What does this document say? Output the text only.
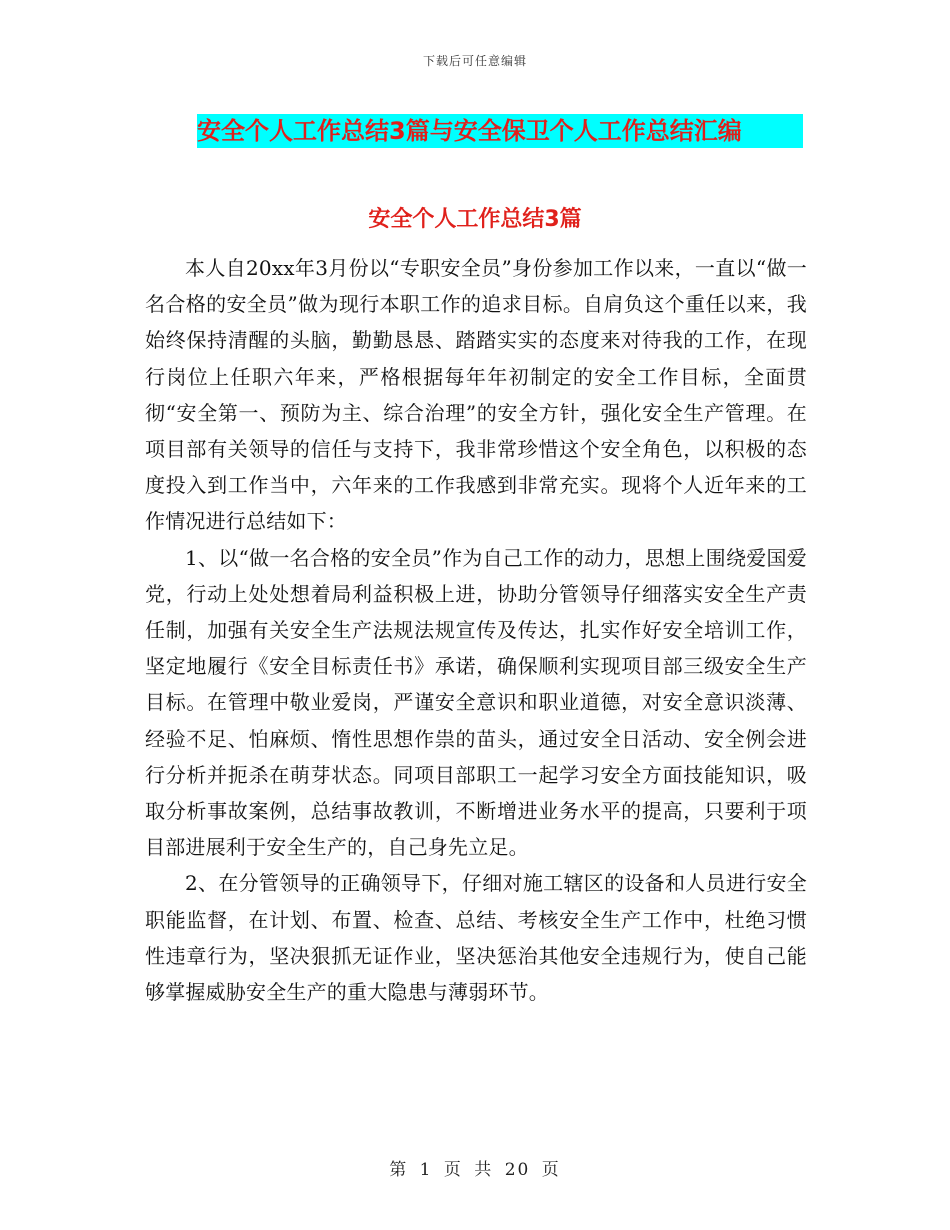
下载后可任意编辑
安全个人工作总结3篇与安全保卫个人工作总结汇编
安全个人工作总结3篇

本人自20xx年3月份以“专职安全员”身份参加工作以来，一直以“做一名合格的安全员”做为现行本职工作的追求目标。自肩负这个重任以来，我始终保持清醒的头脑，勤勤恳恳、踏踏实实的态度来对待我的工作，在现行岗位上任职六年来，严格根据每年年初制定的安全工作目标，全面贯彻“安全第一、预防为主、综合治理”的安全方针，强化安全生产管理。在项目部有关领导的信任与支持下，我非常珍惜这个安全角色，以积极的态度投入到工作当中，六年来的工作我感到非常充实。现将个人近年来的工作情况进行总结如下：

1、以“做一名合格的安全员”作为自己工作的动力，思想上围绕爱国爱党，行动上处处想着局利益积极上进，协助分管领导仔细落实安全生产责任制，加强有关安全生产法规法规宣传及传达，扎实作好安全培训工作，坚定地履行《安全目标责任书》承诺，确保顺利实现项目部三级安全生产目标。在管理中敬业爱岗，严谨安全意识和职业道德，对安全意识淡薄、经验不足、怕麻烦、惰性思想作祟的苗头，通过安全日活动、安全例会进行分析并扼杀在萌芽状态。同项目部职工一起学习安全方面技能知识，吸取分析事故案例，总结事故教训，不断增进业务水平的提高，只要利于项目部进展利于安全生产的，自己身先立足。

2、在分管领导的正确领导下，仔细对施工辖区的设备和人员进行安全职能监督，在计划、布置、检查、总结、考核安全生产工作中，杜绝习惯性违章行为，坚决狠抓无证作业，坚决惩治其他安全违规行为，使自己能够掌握威胁安全生产的重大隐患与薄弱环节。

第 1 页 共 20 页
